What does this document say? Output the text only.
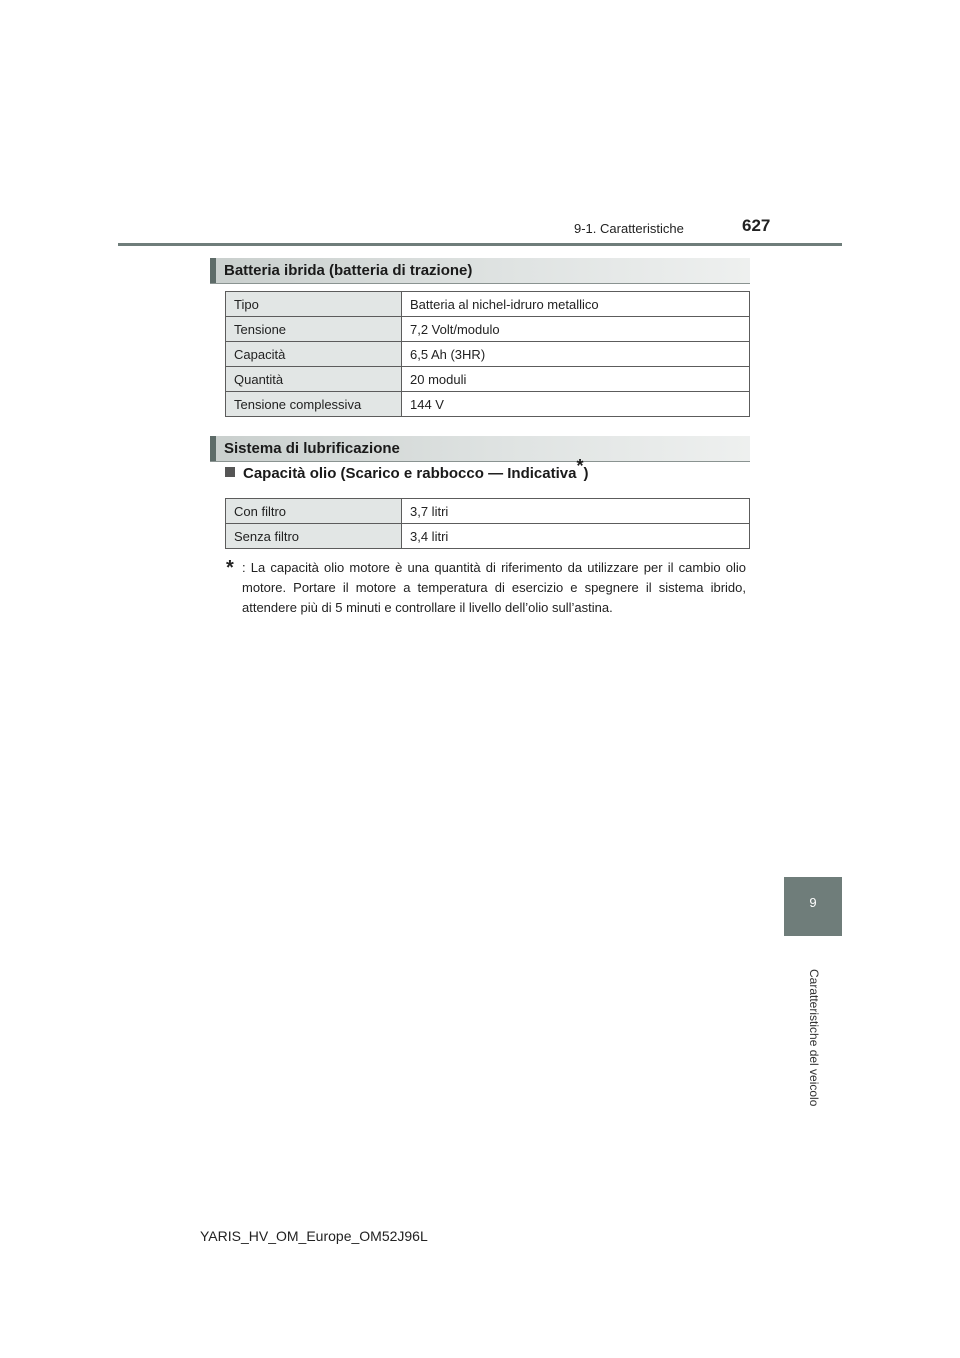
9-1. Caratteristiche	627
Batteria ibrida (batteria di trazione)
Tipo	Batteria al nichel-idruro metallico
Tensione	7,2 Volt/modulo
Capacità	6,5 Ah (3HR)
Quantità	20 moduli
Tensione complessiva	144 V
Sistema di lubrificazione
Capacità olio (Scarico e rabbocco — Indicativa*)
Con filtro	3,7 litri
Senza filtro	3,4 litri
* : La capacità olio motore è una quantità di riferimento da utilizzare per il cambio olio motore. Portare il motore a temperatura di esercizio e spegnere il sistema ibrido, attendere più di 5 minuti e controllare il livello dell’olio sull’astina.
9
Caratteristiche del veicolo
YARIS_HV_OM_Europe_OM52J96L
